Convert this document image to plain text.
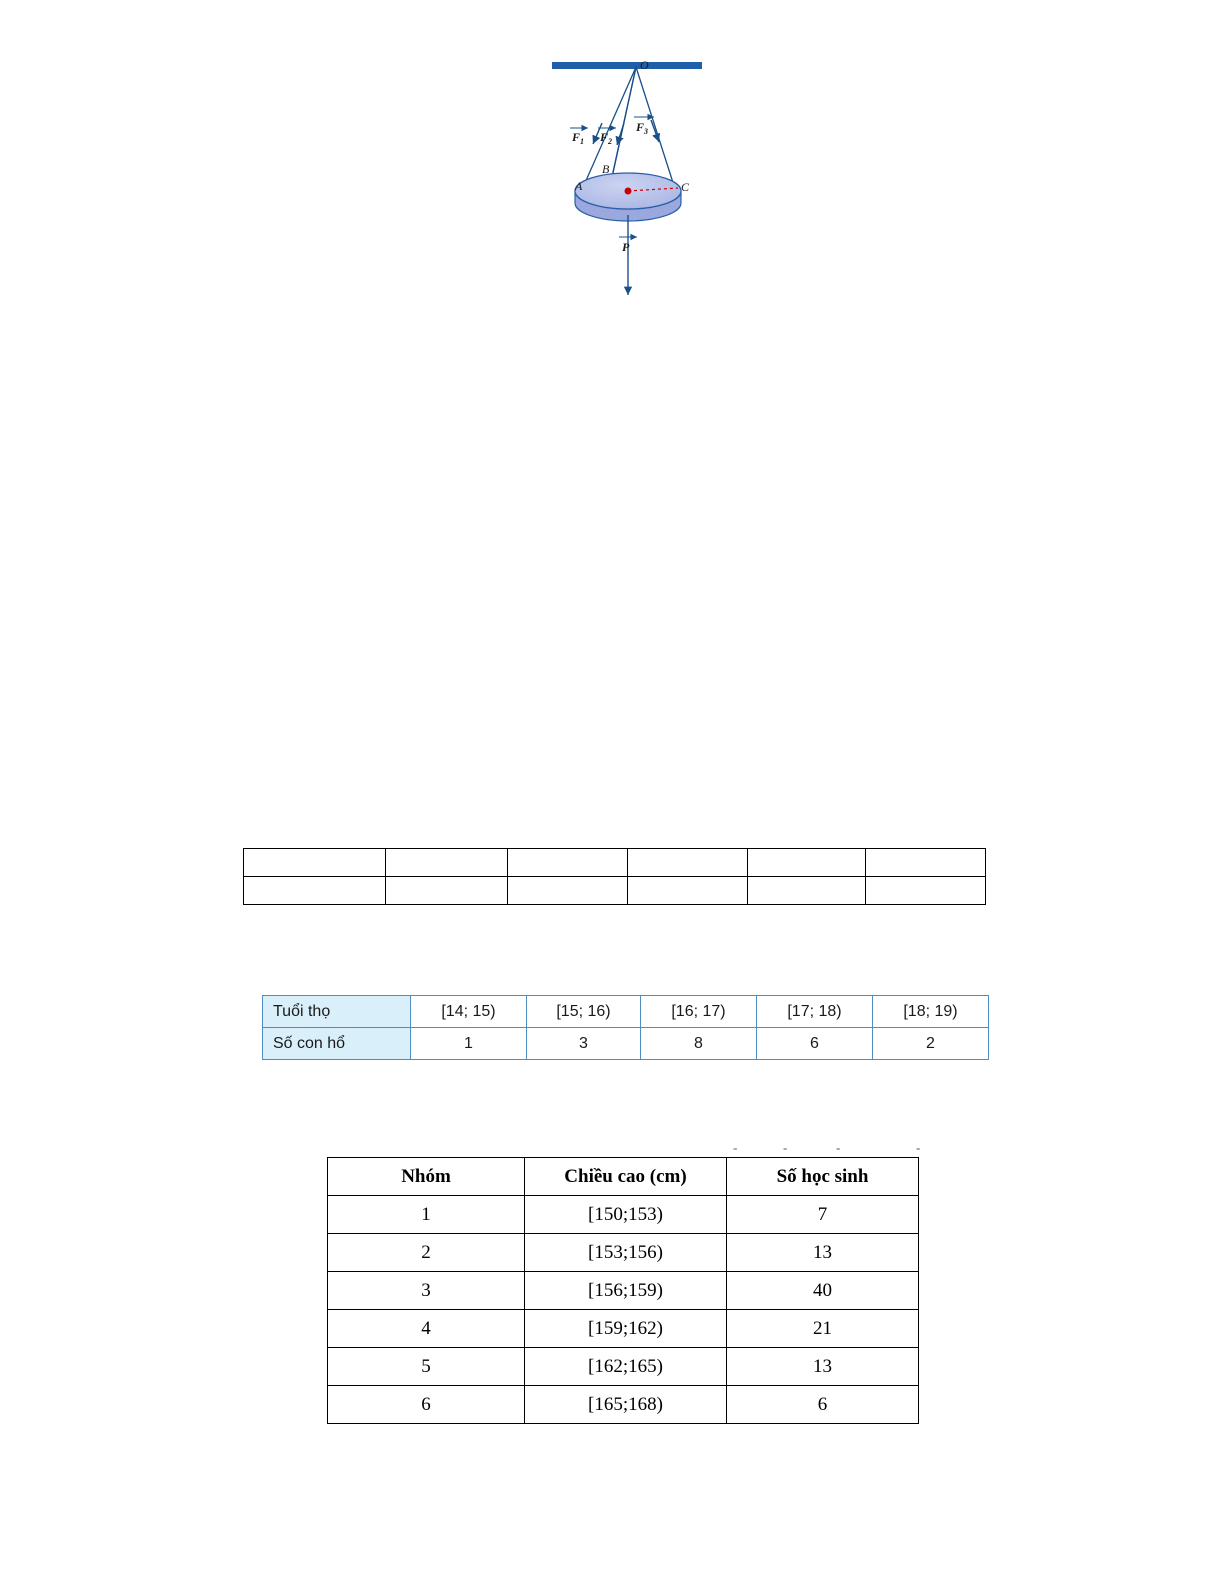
O
A
B
C
$F_1$ $F_2$
$F_3$
P

Tuổi thọ	[14; 15)	[15; 16)	[16; 17)	[17; 18)	[18; 19)
Số con hổ	1	3	8	6	2
-	-	-	-
Nhóm	Chiều cao (cm)	Số học sinh
1	[150;153)	7
2	[153;156)	13
3	[156;159)	40
4	[159;162)	21
5	[162;165)	13
6	[165;168)	6
